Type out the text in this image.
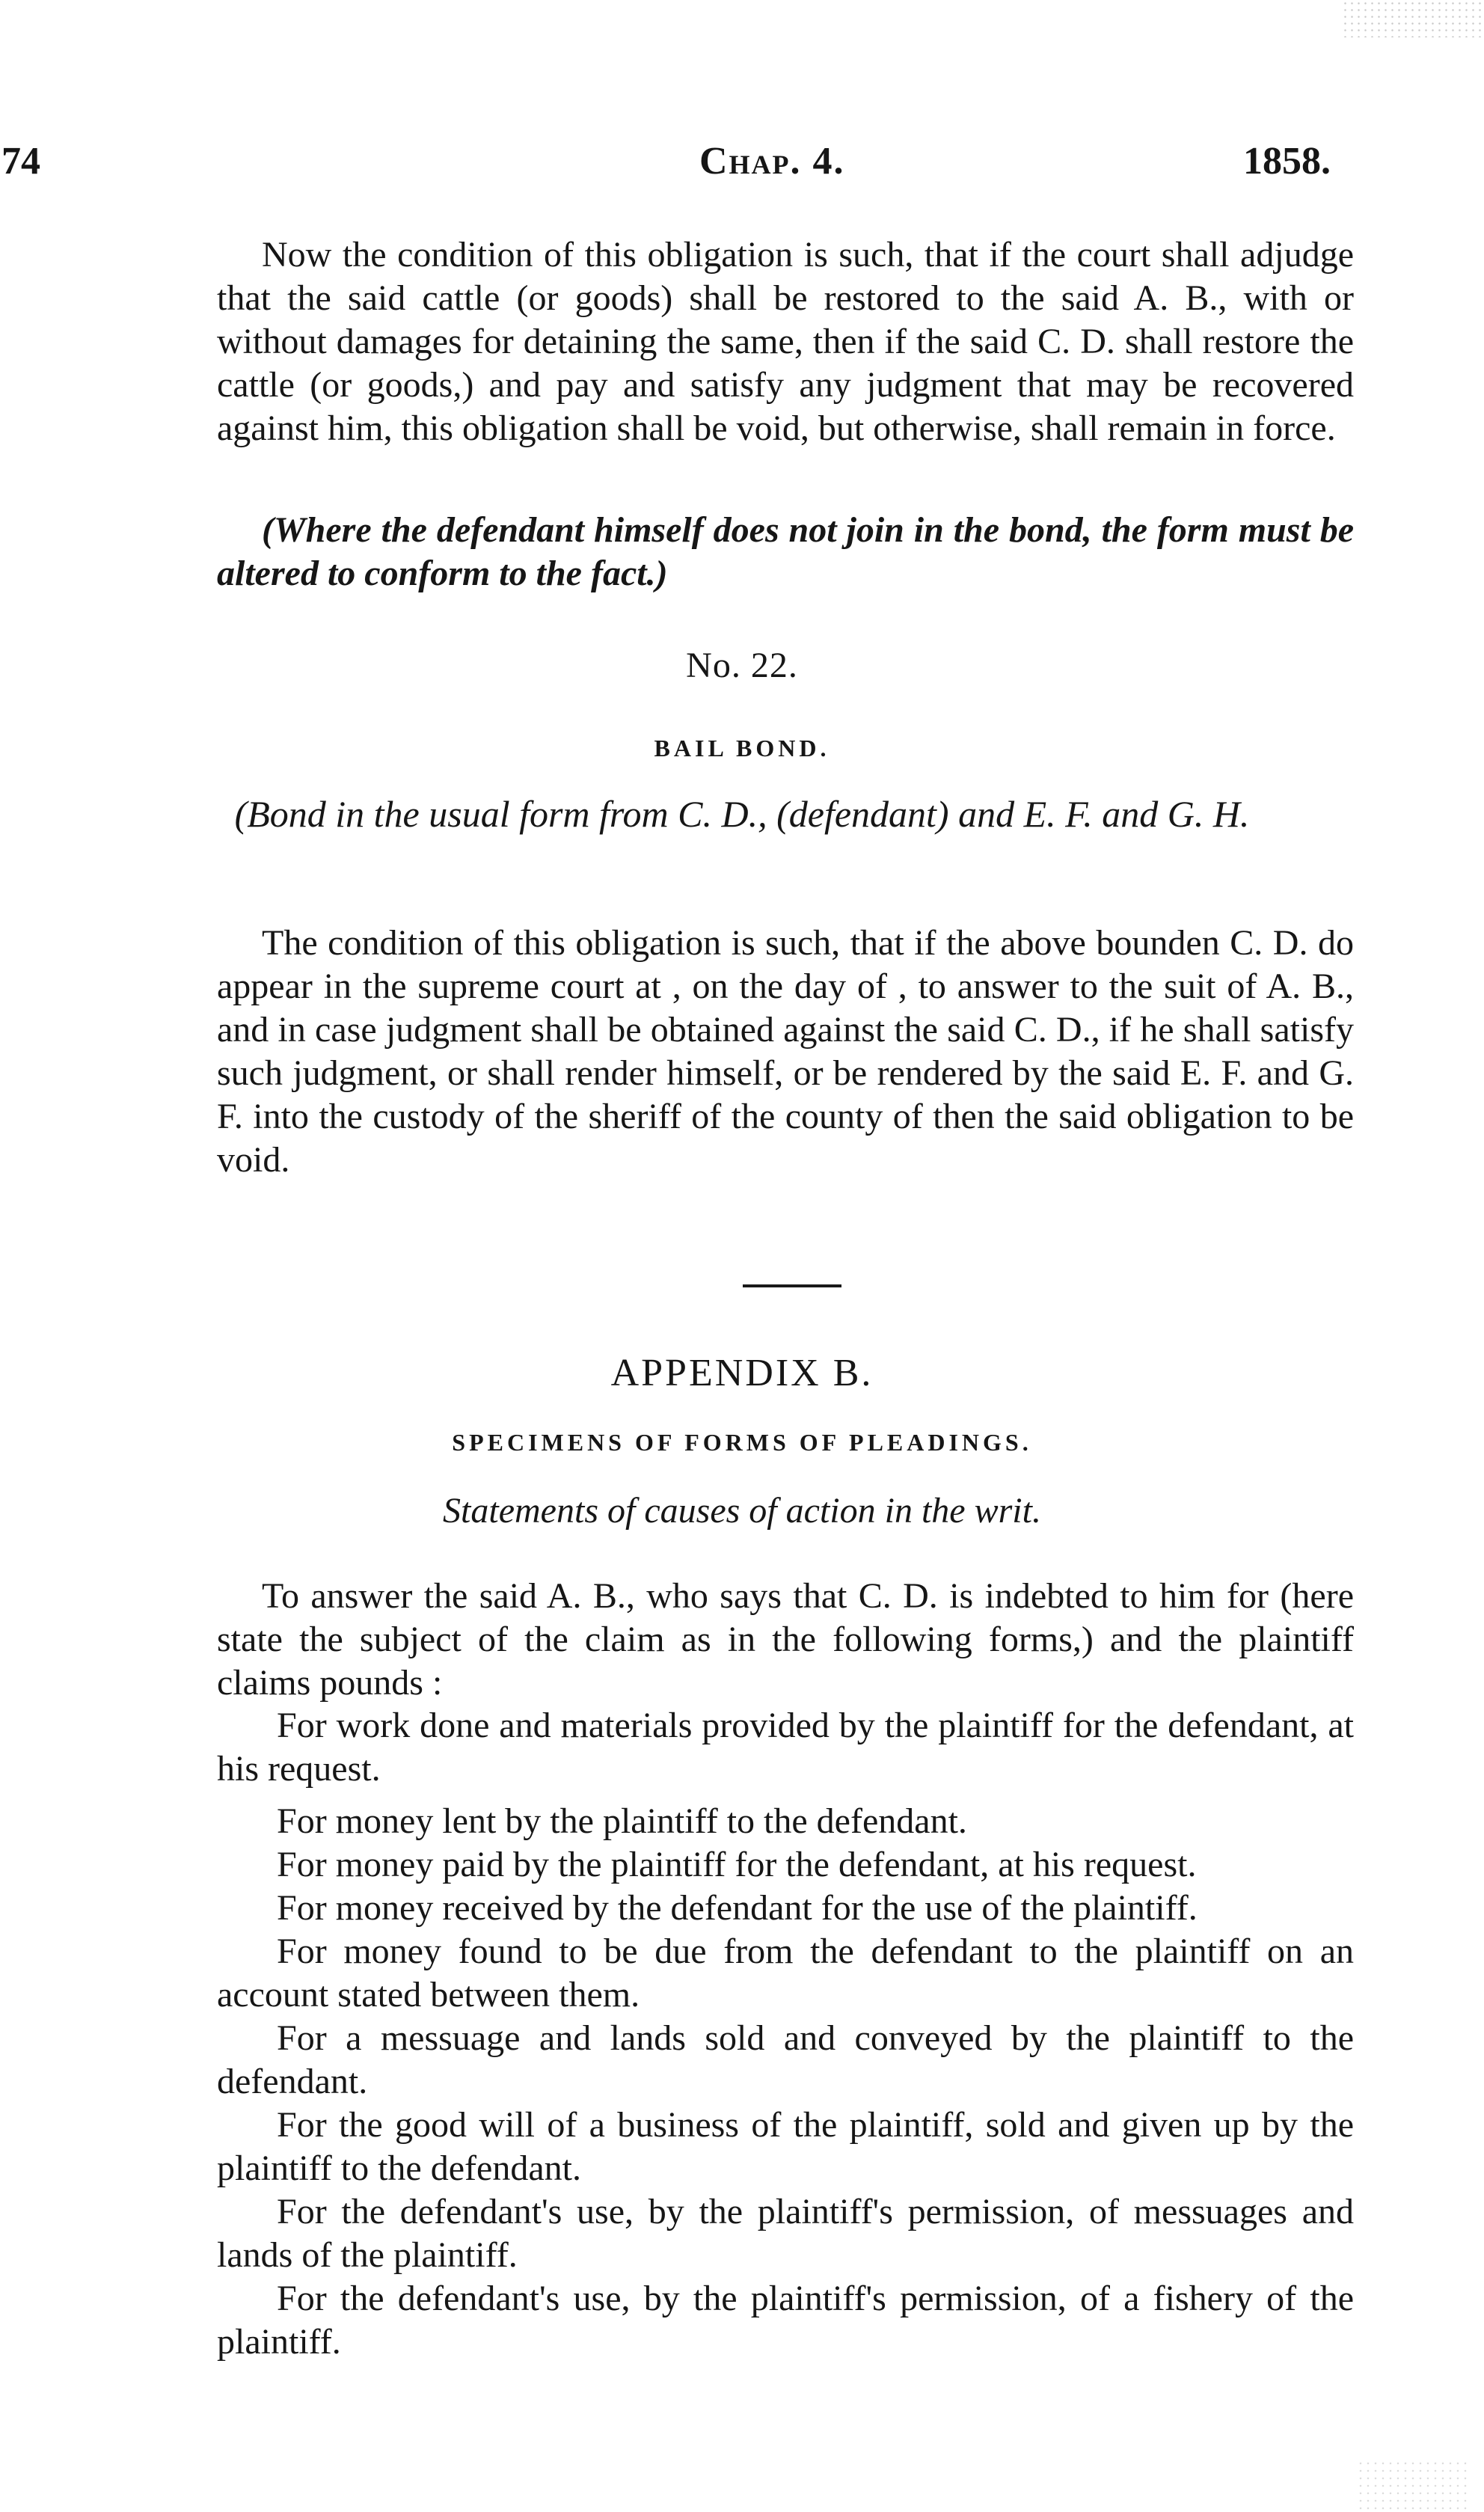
74	Chap. 4.	1858.
Now the condition of this obligation is such, that if the court shall adjudge that the said cattle (or goods) shall be restored to the said A. B., with or without damages for detaining the same, then if the said C. D. shall restore the cattle (or goods,) and pay and satisfy any judgment that may be recovered against him, this obligation shall be void, but otherwise, shall remain in force.
(Where the defendant himself does not join in the bond, the form must be altered to conform to the fact.)
No. 22.
BAIL BOND.
(Bond in the usual form from C. D., (defendant) and E. F. and G. H.
The condition of this obligation is such, that if the above bounden C. D. do appear in the supreme court at , on the day of , to answer to the suit of A. B., and in case judgment shall be obtained against the said C. D., if he shall satisfy such judgment, or shall render himself, or be rendered by the said E. F. and G. F. into the custody of the sheriff of the county of then the said obligation to be void.
APPENDIX B.
SPECIMENS OF FORMS OF PLEADINGS.
Statements of causes of action in the writ.
To answer the said A. B., who says that C. D. is indebted to him for (here state the subject of the claim as in the following forms,) and the plaintiff claims pounds :
For work done and materials provided by the plaintiff for the defendant, at his request.
For money lent by the plaintiff to the defendant.
For money paid by the plaintiff for the defendant, at his request.
For money received by the defendant for the use of the plaintiff.
For money found to be due from the defendant to the plaintiff on an account stated between them.
For a messuage and lands sold and conveyed by the plaintiff to the defendant.
For the good will of a business of the plaintiff, sold and given up by the plaintiff to the defendant.
For the defendant's use, by the plaintiff's permission, of messuages and lands of the plaintiff.
For the defendant's use, by the plaintiff's permission, of a fishery of the plaintiff.
